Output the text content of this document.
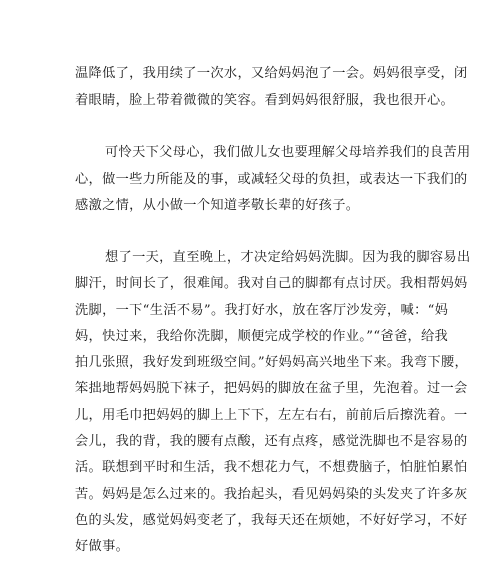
温降低了，我用续了一次水，又给妈妈泡了一会。妈妈很享受，闭
着眼睛，脸上带着微微的笑容。看到妈妈很舒服，我也很开心。
可怜天下父母心，我们做儿女也要理解父母培养我们的良苦用
心，做一些力所能及的事，或减轻父母的负担，或表达一下我们的
感激之情，从小做一个知道孝敬长辈的好孩子。
想了一天，直至晚上，才决定给妈妈洗脚。因为我的脚容易出
脚汗，时间长了，很难闻。我对自己的脚都有点讨厌。我相帮妈妈
洗脚，一下“生活不易”。我打好水，放在客厅沙发旁，喊：“妈
妈，快过来，我给你洗脚，顺便完成学校的作业。”“爸爸，给我
拍几张照，我好发到班级空间。”好妈妈高兴地坐下来。我弯下腰，
笨拙地帮妈妈脱下袜子，把妈妈的脚放在盆子里，先泡着。过一会
儿，用毛巾把妈妈的脚上上下下，左左右右，前前后后擦洗着。一
会儿，我的背，我的腰有点酸，还有点疼，感觉洗脚也不是容易的
活。联想到平时和生活，我不想花力气，不想费脑子，怕脏怕累怕
苦。妈妈是怎么过来的。我抬起头，看见妈妈染的头发夹了许多灰
色的头发，感觉妈妈变老了，我每天还在烦她，不好好学习，不好
好做事。
